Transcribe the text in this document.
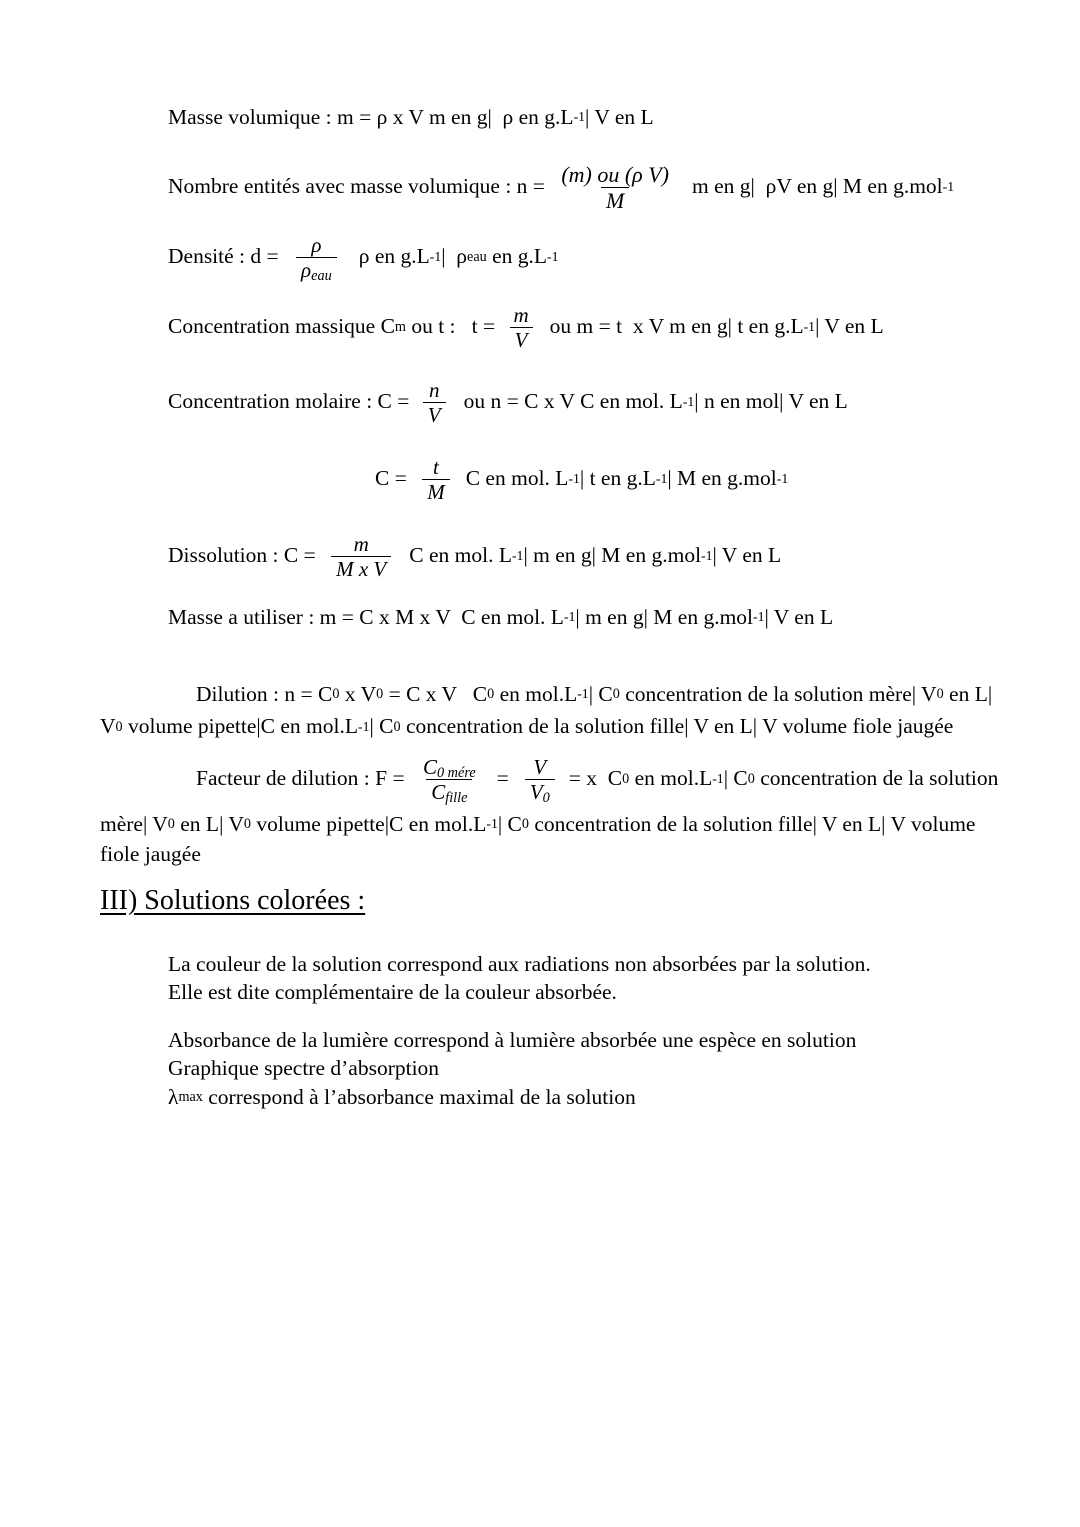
Masse volumique : m = ρ x V m en g|  ρ en g.L -1 | V en L
Nombre entités avec masse volumique : $n = \frac{\text{(m) ou (ρ V)}}{M}$ m en g|  ρV en g| M en g.mol -1
Densité : $d = \frac{\rho}{\rho_{eau}}$ ρ en g.L -1 |  ρ eau en g.L -1
Concentration massique C m ou t :   $t = \frac{m}{V}$ ou m = t  x V m en g| t en g.L -1 | V en L
Concentration molaire : $C = \frac{n}{V}$ ou n = C x V C en mol. L -1 | n en mol| V en L
$C = \frac{t}{M}$ C en mol. L -1 | t en g.L -1 | M en g.mol -1
Dissolution : $C = \frac{m}{\text{M x V}}$ C en mol. L -1 | m en g| M en g.mol -1 | V en L
Masse a utiliser : m = C x M x V  C en mol. L -1 | m en g| M en g.mol -1 | V en L
Dilution : n = C 0 x V 0 = C x V   C 0 en mol.L -1 | C 0 concentration de la solution mère| V 0 en L|
V 0 volume pipette|C en mol.L -1 | C 0 concentration de la solution fille| V en L| V volume fiole jaugée
Facteur de dilution : $F = \frac{C_{0 mére}}{C_{fille}} = \frac{V}{V_0} = x$  C 0 en mol.L -1 | C 0 concentration de la solution
mère| V 0 en L| V 0 volume pipette|C en mol.L -1 | C 0 concentration de la solution fille| V en L| V volume
fiole jaugée
III) Solutions colorées :
La couleur de la solution correspond aux radiations non absorbées par la solution.
Elle est dite complémentaire de la couleur absorbée.
Absorbance de la lumière correspond à lumière absorbée une espèce en solution
Graphique spectre d’absorption
λ max correspond à l’absorbance maximal de la solution
